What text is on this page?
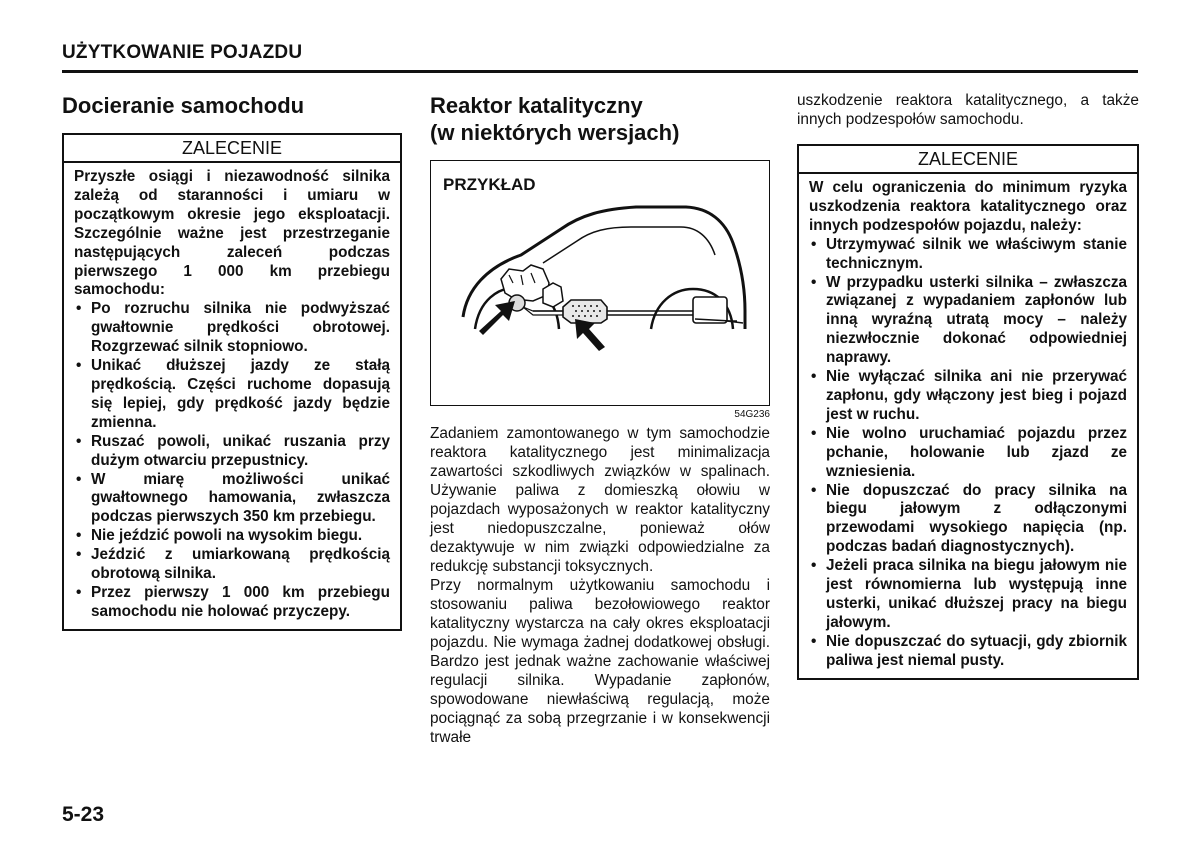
UŻYTKOWANIE POJAZDU
Docieranie samochodu
ZALECENIE

Przyszłe osiągi i niezawodność silnika zależą od staranności i umiaru w początkowym okresie jego eksploatacji. Szczególnie ważne jest przestrzeganie następujących zaleceń podczas pierwszego 1 000 km przebiegu samochodu:

• Po rozruchu silnika nie podwyższać gwałtownie prędkości obrotowej. Rozgrzewać silnik stopniowo.
• Unikać dłuższej jazdy ze stałą prędkością. Części ruchome dopasują się lepiej, gdy prędkość jazdy będzie zmienna.
• Ruszać powoli, unikać ruszania przy dużym otwarciu przepustnicy.
• W miarę możliwości unikać gwałtownego hamowania, zwłaszcza podczas pierwszych 350 km przebiegu.
• Nie jeździć powoli na wysokim biegu.
• Jeździć z umiarkowaną prędkością obrotową silnika.
• Przez pierwszy 1 000 km przebiegu samochodu nie holować przyczepy.
Reaktor katalityczny
(w niektórych wersjach)
PRZYKŁAD
54G236

Zadaniem zamontowanego w tym samochodzie reaktora katalitycznego jest minimalizacja zawartości szkodliwych związków w spalinach. Używanie paliwa z domieszką ołowiu w pojazdach wyposażonych w reaktor katalityczny jest niedopuszczalne, ponieważ ołów dezaktywuje w nim związki odpowiedzialne za redukcję substancji toksycznych.

Przy normalnym użytkowaniu samochodu i stosowaniu paliwa bezołowiowego reaktor katalityczny wystarcza na cały okres eksploatacji pojazdu. Nie wymaga żadnej dodatkowej obsługi. Bardzo jest jednak ważne zachowanie właściwej regulacji silnika. Wypadanie zapłonów, spowodowane niewłaściwą regulacją, może pociągnąć za sobą przegrzanie i w konsekwencji trwałe

uszkodzenie reaktora katalitycznego, a także innych podzespołów samochodu.

ZALECENIE

W celu ograniczenia do minimum ryzyka uszkodzenia reaktora katalitycznego oraz innych podzespołów pojazdu, należy:

• Utrzymywać silnik we właściwym stanie technicznym.
• W przypadku usterki silnika – zwłaszcza związanej z wypadaniem zapłonów lub inną wyraźną utratą mocy – należy niezwłocznie dokonać odpowiedniej naprawy.
• Nie wyłączać silnika ani nie przerywać zapłonu, gdy włączony jest bieg i pojazd jest w ruchu.
• Nie wolno uruchamiać pojazdu przez pchanie, holowanie lub zjazd ze wzniesienia.
• Nie dopuszczać do pracy silnika na biegu jałowym z odłączonymi przewodami wysokiego napięcia (np. podczas badań diagnostycznych).
• Jeżeli praca silnika na biegu jałowym nie jest równomierna lub występują inne usterki, unikać dłuższej pracy na biegu jałowym.
• Nie dopuszczać do sytuacji, gdy zbiornik paliwa jest niemal pusty.
5-23
